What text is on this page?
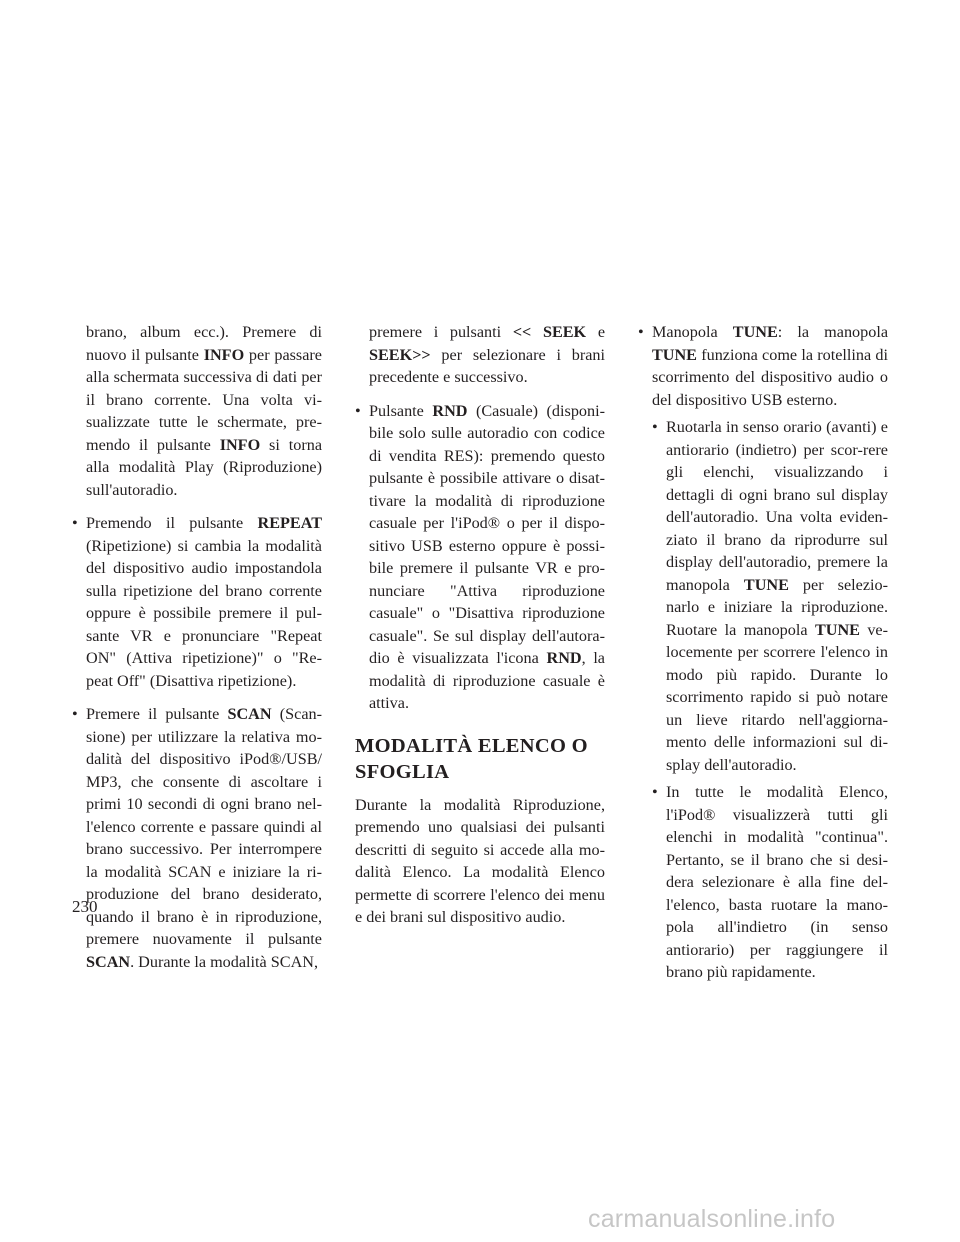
brano, album ecc.). Premere di nuovo il pulsante INFO per passare alla schermata successiva di dati per il brano corrente. Una volta vi-sualizzate tutte le schermate, pre-mendo il pulsante INFO si torna alla modalità Play (Riproduzione) sull'autoradio.

• Premendo il pulsante REPEAT (Ripetizione) si cambia la modalità del dispositivo audio impostandola sulla ripetizione del brano corrente oppure è possibile premere il pul-sante VR e pronunciare "Repeat ON" (Attiva ripetizione)" o "Re-peat Off" (Disattiva ripetizione).

• Premere il pulsante SCAN (Scan-sione) per utilizzare la relativa mo-dalità del dispositivo iPod®/USB/ MP3, che consente di ascoltare i primi 10 secondi di ogni brano nel-l'elenco corrente e passare quindi al brano successivo. Per interrompere la modalità SCAN e iniziare la ri-produzione del brano desiderato, quando il brano è in riproduzione, premere nuovamente il pulsante SCAN. Durante la modalità SCAN,

premere i pulsanti << SEEK e SEEK>> per selezionare i brani precedente e successivo.

• Pulsante RND (Casuale) (disponi-bile solo sulle autoradio con codice di vendita RES): premendo questo pulsante è possibile attivare o disat-tivare la modalità di riproduzione casuale per l'iPod® o per il dispo-sitivo USB esterno oppure è possi-bile premere il pulsante VR e pro-nunciare "Attiva riproduzione casuale" o "Disattiva riproduzione casuale". Se sul display dell'autora-dio è visualizzata l'icona RND, la modalità di riproduzione casuale è attiva.

MODALITÀ ELENCO O SFOGLIA

Durante la modalità Riproduzione, premendo uno qualsiasi dei pulsanti descritti di seguito si accede alla mo-dalità Elenco. La modalità Elenco permette di scorrere l'elenco dei menu e dei brani sul dispositivo audio.

• Manopola TUNE: la manopola TUNE funziona come la rotellina di scorrimento del dispositivo audio o del dispositivo USB esterno.

• Ruotarla in senso orario (avanti) e antiorario (indietro) per scor-rere gli elenchi, visualizzando i dettagli di ogni brano sul display dell'autoradio. Una volta eviden-ziato il brano da riprodurre sul display dell'autoradio, premere la manopola TUNE per selezio-narlo e iniziare la riproduzione. Ruotare la manopola TUNE ve-locemente per scorrere l'elenco in modo più rapido. Durante lo scorrimento rapido si può notare un lieve ritardo nell'aggiorna-mento delle informazioni sul di-splay dell'autoradio.

• In tutte le modalità Elenco, l'iPod® visualizzerà tutti gli elenchi in modalità "continua". Pertanto, se il brano che si desi-dera selezionare è alla fine del-l'elenco, basta ruotare la mano-pola all'indietro (in senso antiorario) per raggiungere il brano più rapidamente.

230
carmanualsonline.info
